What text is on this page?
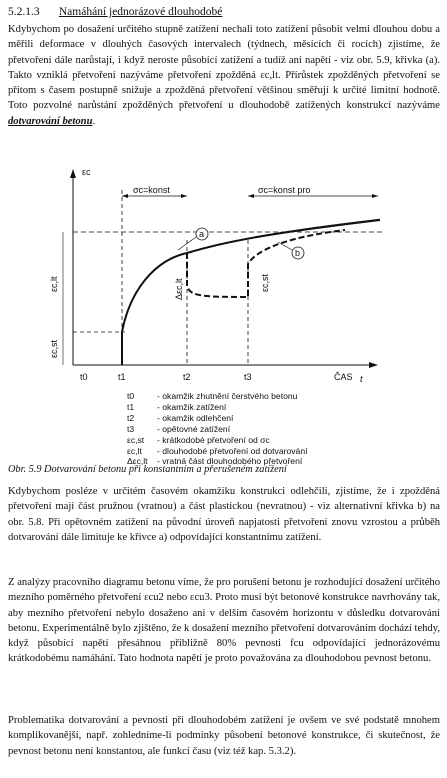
5.2.1.3 Namáhání jednorázové dlouhodobé

Kdybychom po dosažení určitého stupně zatížení nechali toto zatížení působit velmi dlouhou dobu a měřili deformace v dlouhých časových intervalech (týdnech, měsících či rocích) zjistíme, že přetvoření dále narůstají, i když neroste působící zatížení a tudíž ani napětí - viz obr. 5.9, křivka (a). Takto vzniklá přetvoření nazýváme přetvoření zpožděná εc,lt. Přírůstek zpožděných přetvoření se přitom s časem postupně snižuje a zpožděná přetvoření většinou směřují k určité limitní hodnotě. Toto pozvolné narůstání zpožděných přetvoření u dlouhodobě zatížených konstrukcí nazýváme dotvarování betonu.

εc
ČAS t
t0	t1	t2	t3
σc=konst	σc=konst pro
a
b
εc,lt
εc,st
Δεc,lt	εc,st
t0	- okamžik zhutnění čerstvého betonu
t1	- okamžik zatížení
t2	- okamžik odlehčení
t3	- opětovné zatížení
εc,st - krátkodobé přetvoření od σc
εc,lt - dlouhodobé přetvoření od dotvarování
Δεc,lt - vratná část dlouhodobého přetvoření
Obr. 5.9 Dotvarování betonu při konstantním a přerušeném zatížení

Kdybychom posléze v určitém časovém okamžiku konstrukci odlehčili, zjistíme, že i zpožděná přetvoření mají část pružnou (vratnou) a část plastickou (nevratnou) - viz alternativní křivka b) na obr. 5.8. Při opětovném zatížení na původní úroveň napjatosti přetvoření znovu vzrostou a průběh dotvarování dále limituje ke křivce a) odpovídající konstantnímu zatížení.

Z analýzy pracovního diagramu betonu víme, že pro porušení betonu je rozhodující dosažení určitého mezního poměrného přetvoření εcu2 nebo εcu3. Proto musí být betonové konstrukce navrhovány tak, aby mezního přetvoření nebylo dosaženo ani v delším časovém horizontu v důsledku dotvarování betonu. Experimentálně bylo zjištěno, že k dosažení mezního přetvoření dotvarováním dochází tehdy, když působící napětí přesáhnou přibližně 80% pevnosti fcu odpovídající jednorázovému krátkodobému namáhání. Tato hodnota napětí je proto považována za dlouhodobou pevnost betonu.

Problematika dotvarování a pevnosti při dlouhodobém zatížení je ovšem ve své podstatě mnohem komplikovanější, např. zohledníme-li podmínky působení betonové konstrukce, či skutečnost, že pevnost betonu není konstantou, ale funkcí času (viz též kap. 5.3.2).
